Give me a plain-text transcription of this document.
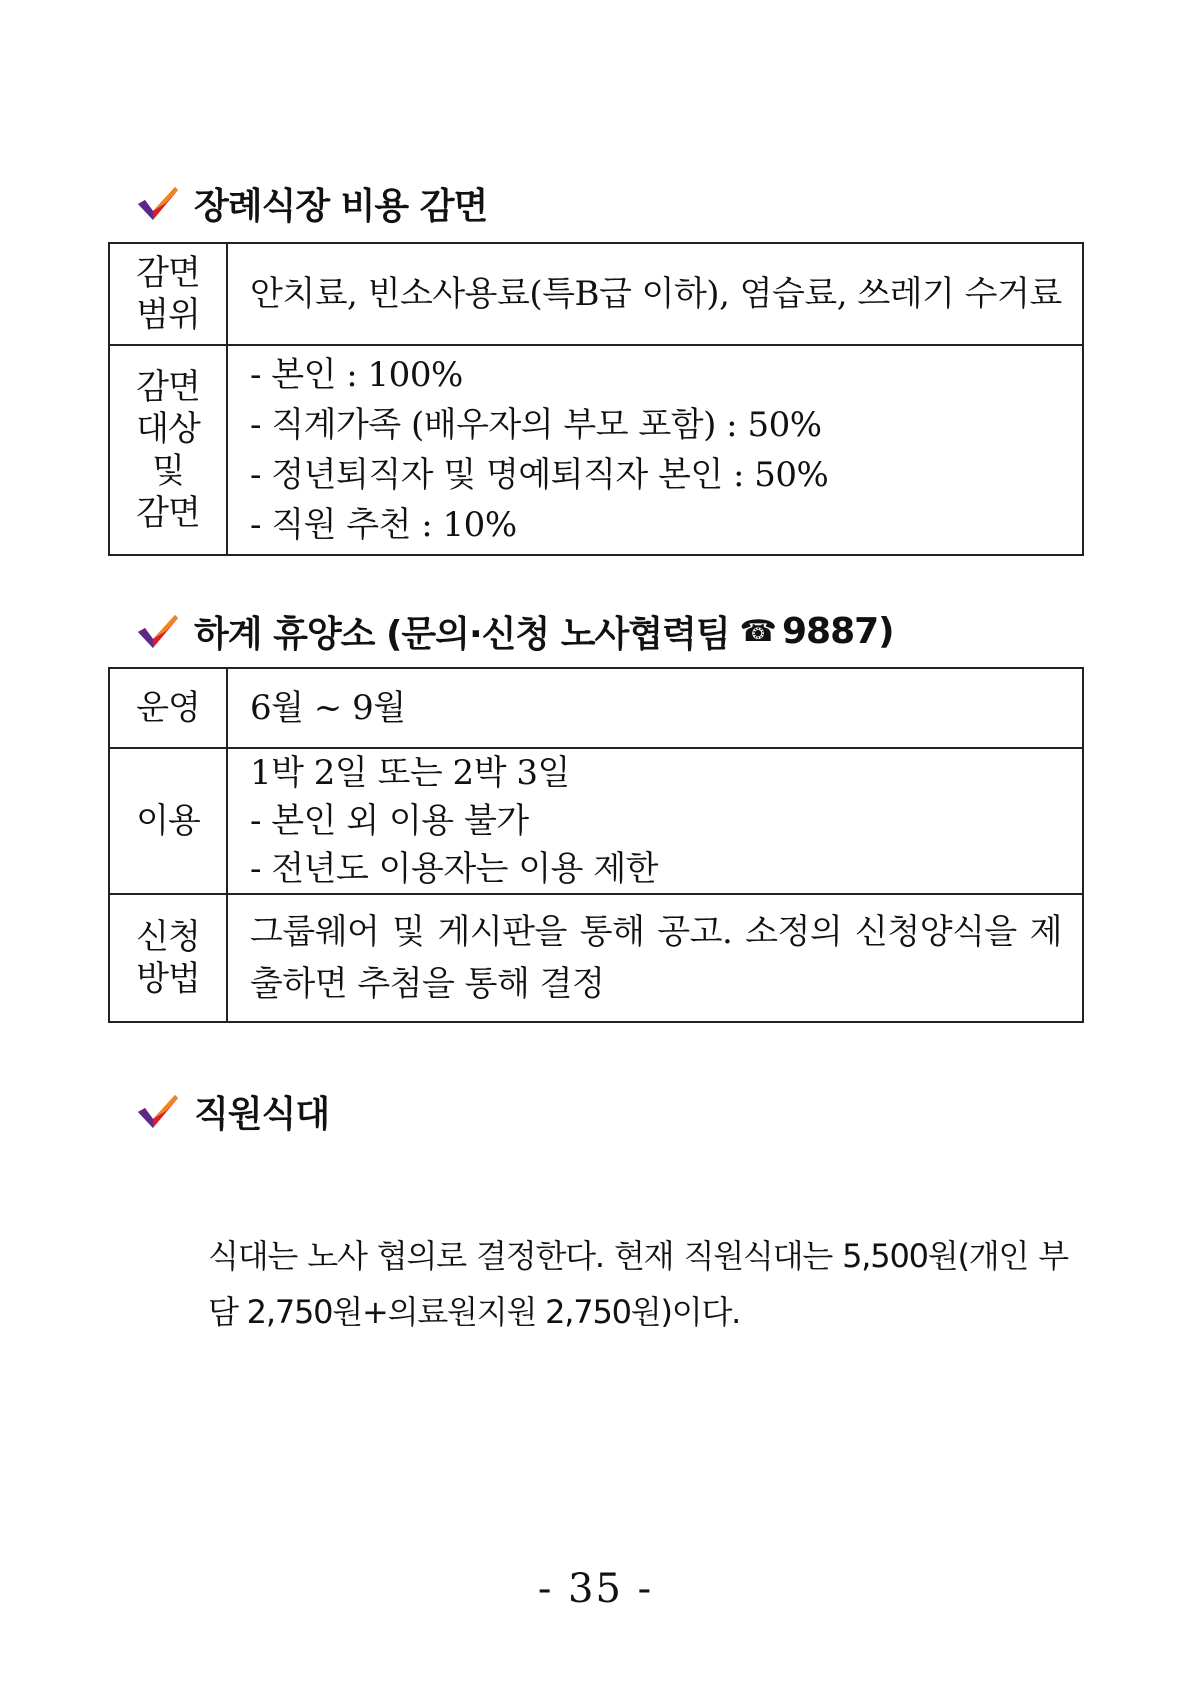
장례식장 비용 감면
감면
범위	안치료, 빈소사용료(특B급 이하), 염습료, 쓰레기 수거료

감면
대상
및
감면	- 본인 : 100%
- 직계가족 (배우자의 부모 포함) : 50%
- 정년퇴직자 및 명예퇴직자 본인 : 50%
- 직원 추천 : 10%
하계 휴양소 (문의·신청 노사협력팀 ☎ 9887)
운영	6월 ~ 9월

이용	1박 2일 또는 2박 3일
- 본인 외 이용 불가
- 전년도 이용자는 이용 제한

신청
방법	그룹웨어 및 게시판을 통해 공고. 소정의 신청양식을 제출하면 추첨을 통해 결정
직원식대
식대는 노사 협의로 결정한다. 현재 직원식대는 5,500원(개인 부담 2,750원+의료원지원 2,750원)이다.
- 35 -
